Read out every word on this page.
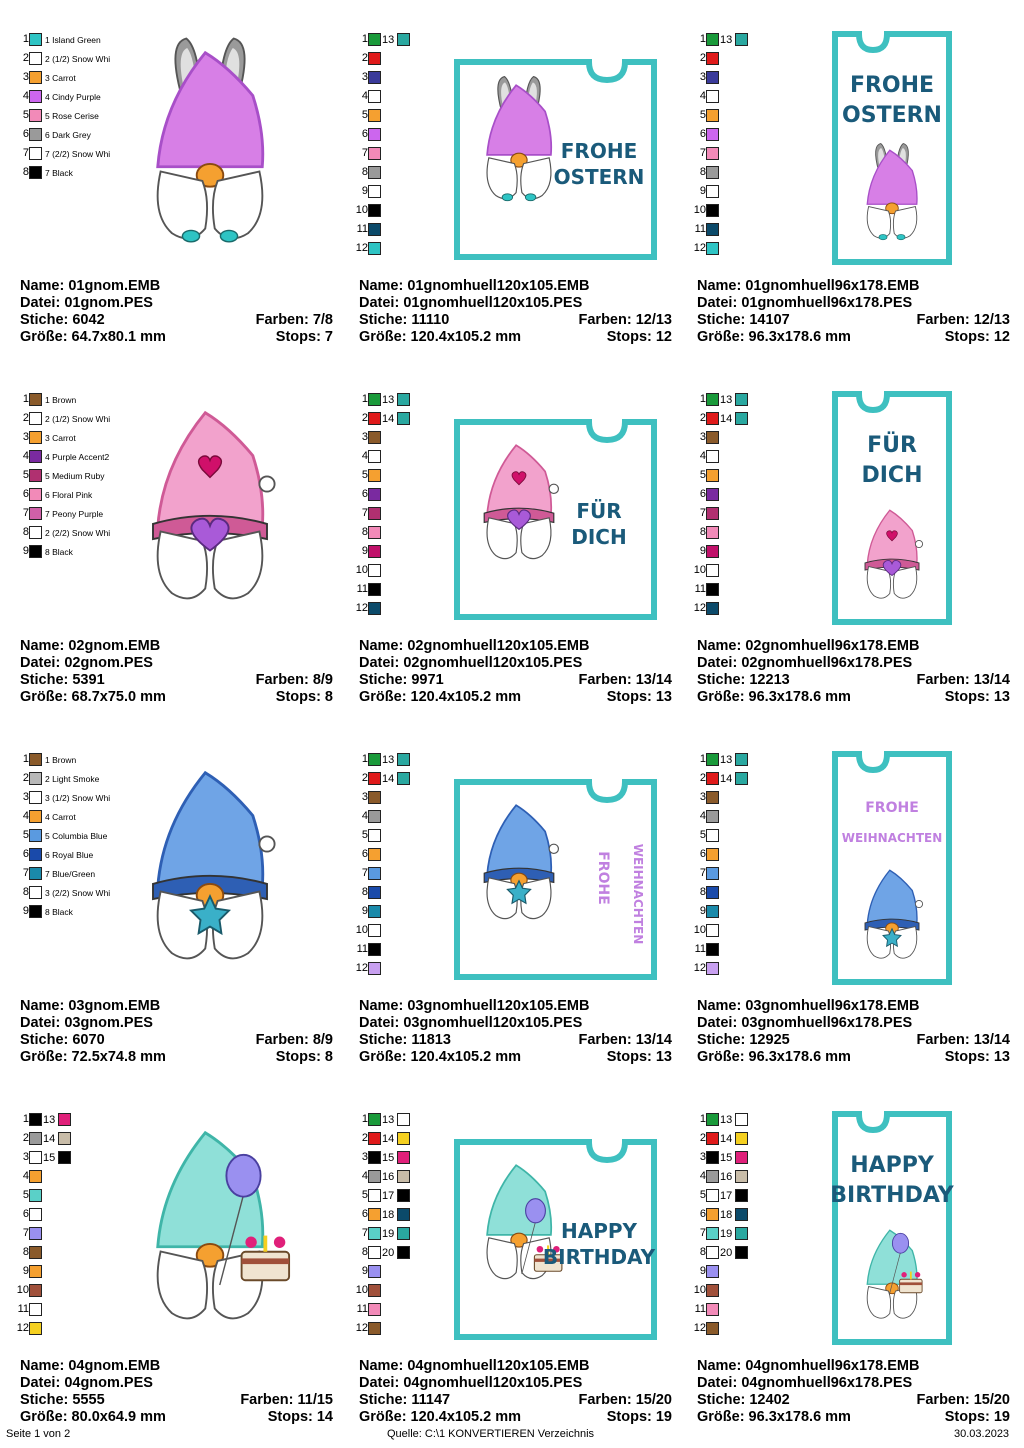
1 1 Island Green
2 2 (1/2) Snow Whi
3 3 Carrot
4 4 Cindy Purple
5 5 Rose Cerise
6 6 Dark Grey
7 7 (2/2) Snow Whi
8 7 Black
Name: 01gnom.EMB
Datei: 01gnom.PES
Stiche: 6042	Farben: 7/8
Größe: 64.7x80.1 mm	Stops: 7
1 13
2
3
4
5
6
7
8
9
10
11
12
FROHE
OSTERN
Name: 01gnomhuell120x105.EMB
Datei: 01gnomhuell120x105.PES
Stiche: 11110	Farben: 12/13
Größe: 120.4x105.2 mm	Stops: 12
1 13
2
3
4
5
6
7
8
9
10
11
12
FROHE
OSTERN
Name: 01gnomhuell96x178.EMB
Datei: 01gnomhuell96x178.PES
Stiche: 14107	Farben: 12/13
Größe: 96.3x178.6 mm	Stops: 12
1 1 Brown
2 2 (1/2) Snow Whi
3 3 Carrot
4 4 Purple Accent2
5 5 Medium Ruby
6 6 Floral Pink
7 7 Peony Purple
8 2 (2/2) Snow Whi
9 8 Black
Name: 02gnom.EMB
Datei: 02gnom.PES
Stiche: 5391	Farben: 8/9
Größe: 68.7x75.0 mm	Stops: 8
1 13
2 14
3
4
5
6
7
8
9
10
11
12
FÜR
DICH
Name: 02gnomhuell120x105.EMB
Datei: 02gnomhuell120x105.PES
Stiche: 9971	Farben: 13/14
Größe: 120.4x105.2 mm	Stops: 13
1 13
2 14
3
4
5
6
7
8
9
10
11
12
FÜR
DICH
Name: 02gnomhuell96x178.EMB
Datei: 02gnomhuell96x178.PES
Stiche: 12213	Farben: 13/14
Größe: 96.3x178.6 mm	Stops: 13
1 1 Brown
2 2 Light Smoke
3 3 (1/2) Snow Whi
4 4 Carrot
5 5 Columbia Blue
6 6 Royal Blue
7 7 Blue/Green
8 3 (2/2) Snow Whi
9 8 Black
Name: 03gnom.EMB
Datei: 03gnom.PES
Stiche: 6070	Farben: 8/9
Größe: 72.5x74.8 mm	Stops: 8
1 13
2 14
3
4
5
6
7
8
9
10
11
12
FROHE WEIHNACHTEN
Name: 03gnomhuell120x105.EMB
Datei: 03gnomhuell120x105.PES
Stiche: 11813	Farben: 13/14
Größe: 120.4x105.2 mm	Stops: 13
1 13
2 14
3
4
5
6
7
8
9
10
11
12
FROHE
WEIHNACHTEN
Name: 03gnomhuell96x178.EMB
Datei: 03gnomhuell96x178.PES
Stiche: 12925	Farben: 13/14
Größe: 96.3x178.6 mm	Stops: 13
1 13
2 14
3 15
4
5
6
7
8
9
10
11
12
Name: 04gnom.EMB
Datei: 04gnom.PES
Stiche: 5555	Farben: 11/15
Größe: 80.0x64.9 mm	Stops: 14
1 13
2 14
3 15
4 16
5 17
6 18
7 19
8 20
9
10
11
12
HAPPY
BIRTHDAY
Name: 04gnomhuell120x105.EMB
Datei: 04gnomhuell120x105.PES
Stiche: 11147	Farben: 15/20
Größe: 120.4x105.2 mm	Stops: 19
1 13
2 14
3 15
4 16
5 17
6 18
7 19
8 20
9
10
11
12
HAPPY
BIRTHDAY
Name: 04gnomhuell96x178.EMB
Datei: 04gnomhuell96x178.PES
Stiche: 12402	Farben: 15/20
Größe: 96.3x178.6 mm	Stops: 19
Seite 1 von 2	Quelle: C:\1 KONVERTIEREN Verzeichnis	30.03.2023
